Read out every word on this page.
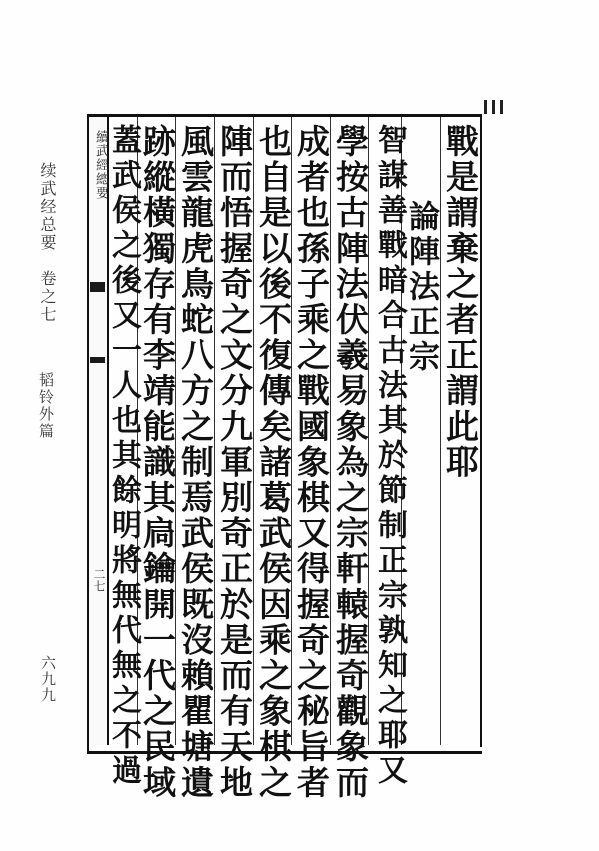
续武经总要
卷之七
韬铃外篇
六九九
續武經總要
二七
戰是謂棄之者正謂此耶
論陣法正宗
學按古陣法伏羲易象為之宗軒轅握奇觀象而
成者也孫子乘之戰國象棋又得握奇之秘旨者
也自是以後不復傳矣諸葛武侯因乘之象棋之
陣而悟握奇之文分九軍別奇正於是而有天地
風雲龍虎鳥蛇八方之制焉武侯既沒賴瞿塘遺
跡縱橫獨存有李靖能識其扃鑰開一代之民域
蓋武侯之後又一人也其餘明將無代無之不過	智謀善戰暗合古法其於節制正宗孰知之耶又
